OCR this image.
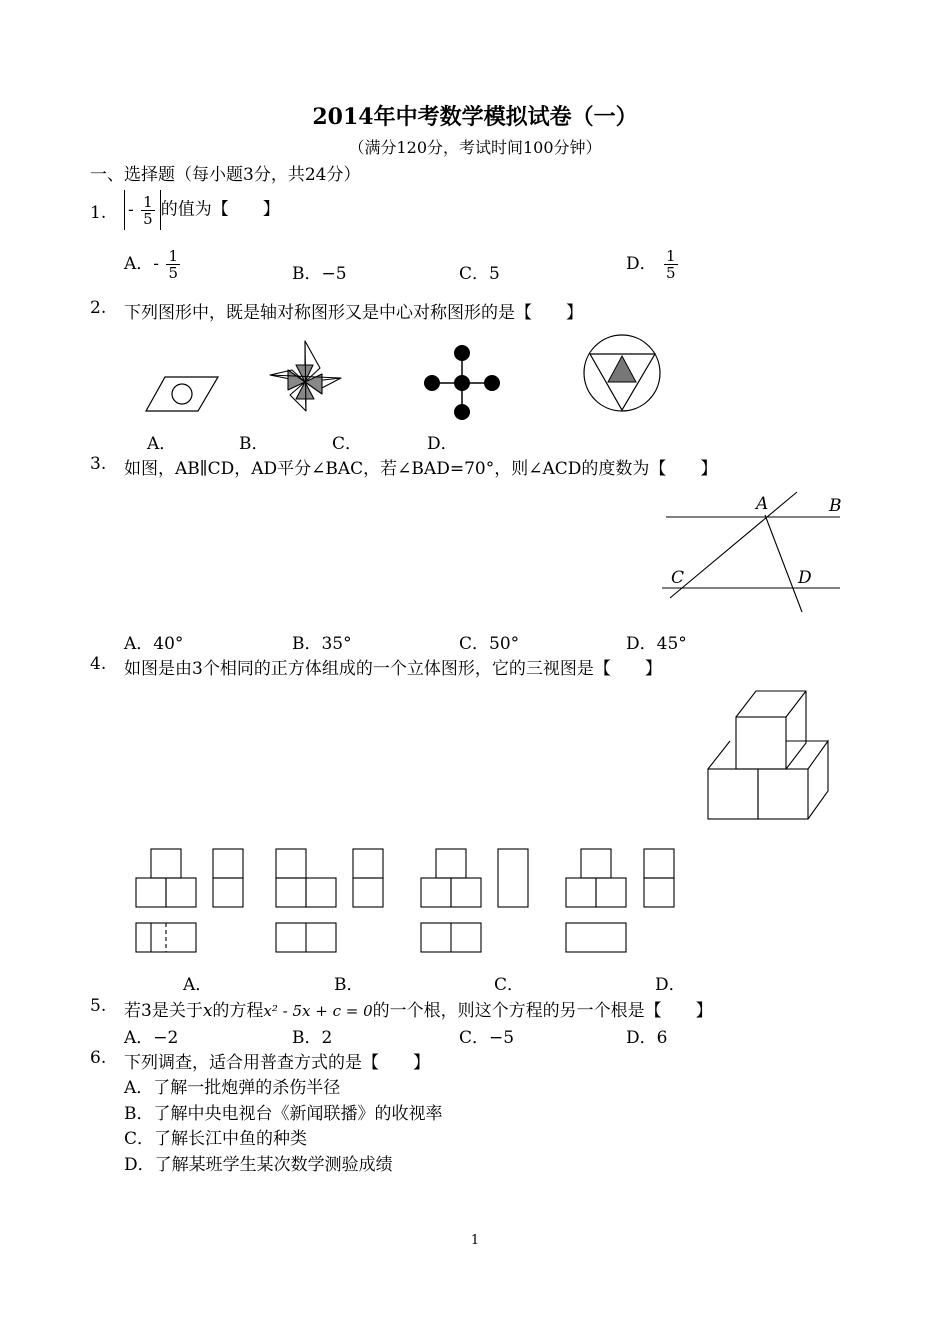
2014年中考数学模拟试卷（一）
（满分120分，考试时间100分钟）
一、选择题（每小题3分，共24分）
1. - $\frac{1}{5}$ 的值为【　　】
A．- $\frac{1}{5}$	B．−5	C．5	D． $\frac{1}{5}$
2. 下列图形中，既是轴对称图形又是中心对称图形的是【　　】
A．	B．	C．	D．
3. 如图，AB∥CD，AD平分∠BAC，若∠BAD=70°，则∠ACD的度数为【　　】
A	B
C	D
A．40°	B．35°	C．50°	D．45°
4. 如图是由3个相同的正方体组成的一个立体图形，它的三视图是【　　】
A．	B．	C．	D．
5. 若3是关于x的方程x² - 5x + c = 0的一个根，则这个方程的另一个根是【　　】
A．−2	B．2	C．−5	D．6
6. 下列调查，适合用普查方式的是【　　】
A．了解一批炮弹的杀伤半径
B．了解中央电视台《新闻联播》的收视率
C．了解长江中鱼的种类
D．了解某班学生某次数学测验成绩
1
